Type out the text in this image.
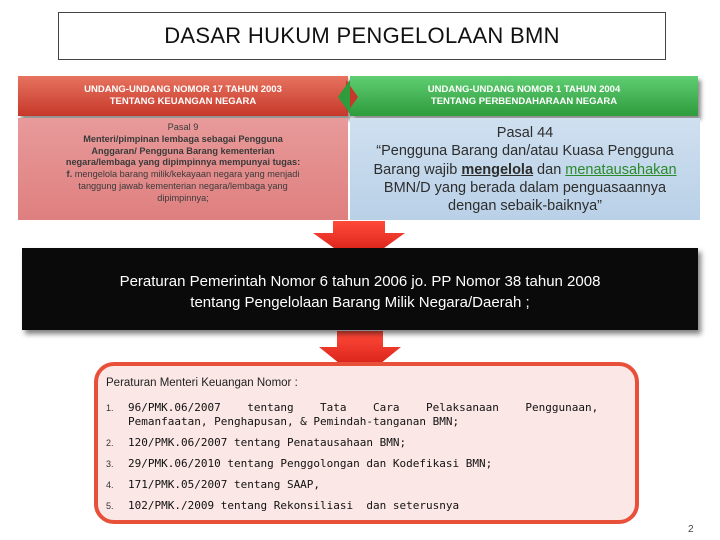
DASAR HUKUM PENGELOLAAN BMN
UNDANG-UNDANG NOMOR 17 TAHUN 2003
TENTANG KEUANGAN NEGARA
UNDANG-UNDANG NOMOR 1 TAHUN 2004
TENTANG PERBENDAHARAAN NEGARA
Pasal 9
Menteri/pimpinan lembaga sebagai Pengguna
Anggaran/ Pengguna Barang kementerian
negara/lembaga yang dipimpinnya mempunyai tugas:
f. mengelola barang milik/kekayaan negara yang menjadi
tanggung jawab kementerian negara/lembaga yang
dipimpinnya;
Pasal 44
“Pengguna Barang dan/atau Kuasa Pengguna
Barang wajib mengelola dan menatausahakan
BMN/D yang berada dalam penguasaannya
dengan sebaik-baiknya”
Peraturan Pemerintah Nomor 6 tahun 2006 jo. PP Nomor 38 tahun 2008
tentang Pengelolaan Barang Milik Negara/Daerah ;
Peraturan Menteri Keuangan Nomor :
1.	96/PMK.06/2007    tentang    Tata    Cara    Pelaksanaan    Penggunaan,
Pemanfaatan, Penghapusan, & Pemindah-tanganan BMN;
2.	120/PMK.06/2007 tentang Penatausahaan BMN;
3.	29/PMK.06/2010 tentang Penggolongan dan Kodefikasi BMN;
4.	171/PMK.05/2007 tentang SAAP,
5.	102/PMK./2009 tentang Rekonsiliasi  dan seterusnya
2
